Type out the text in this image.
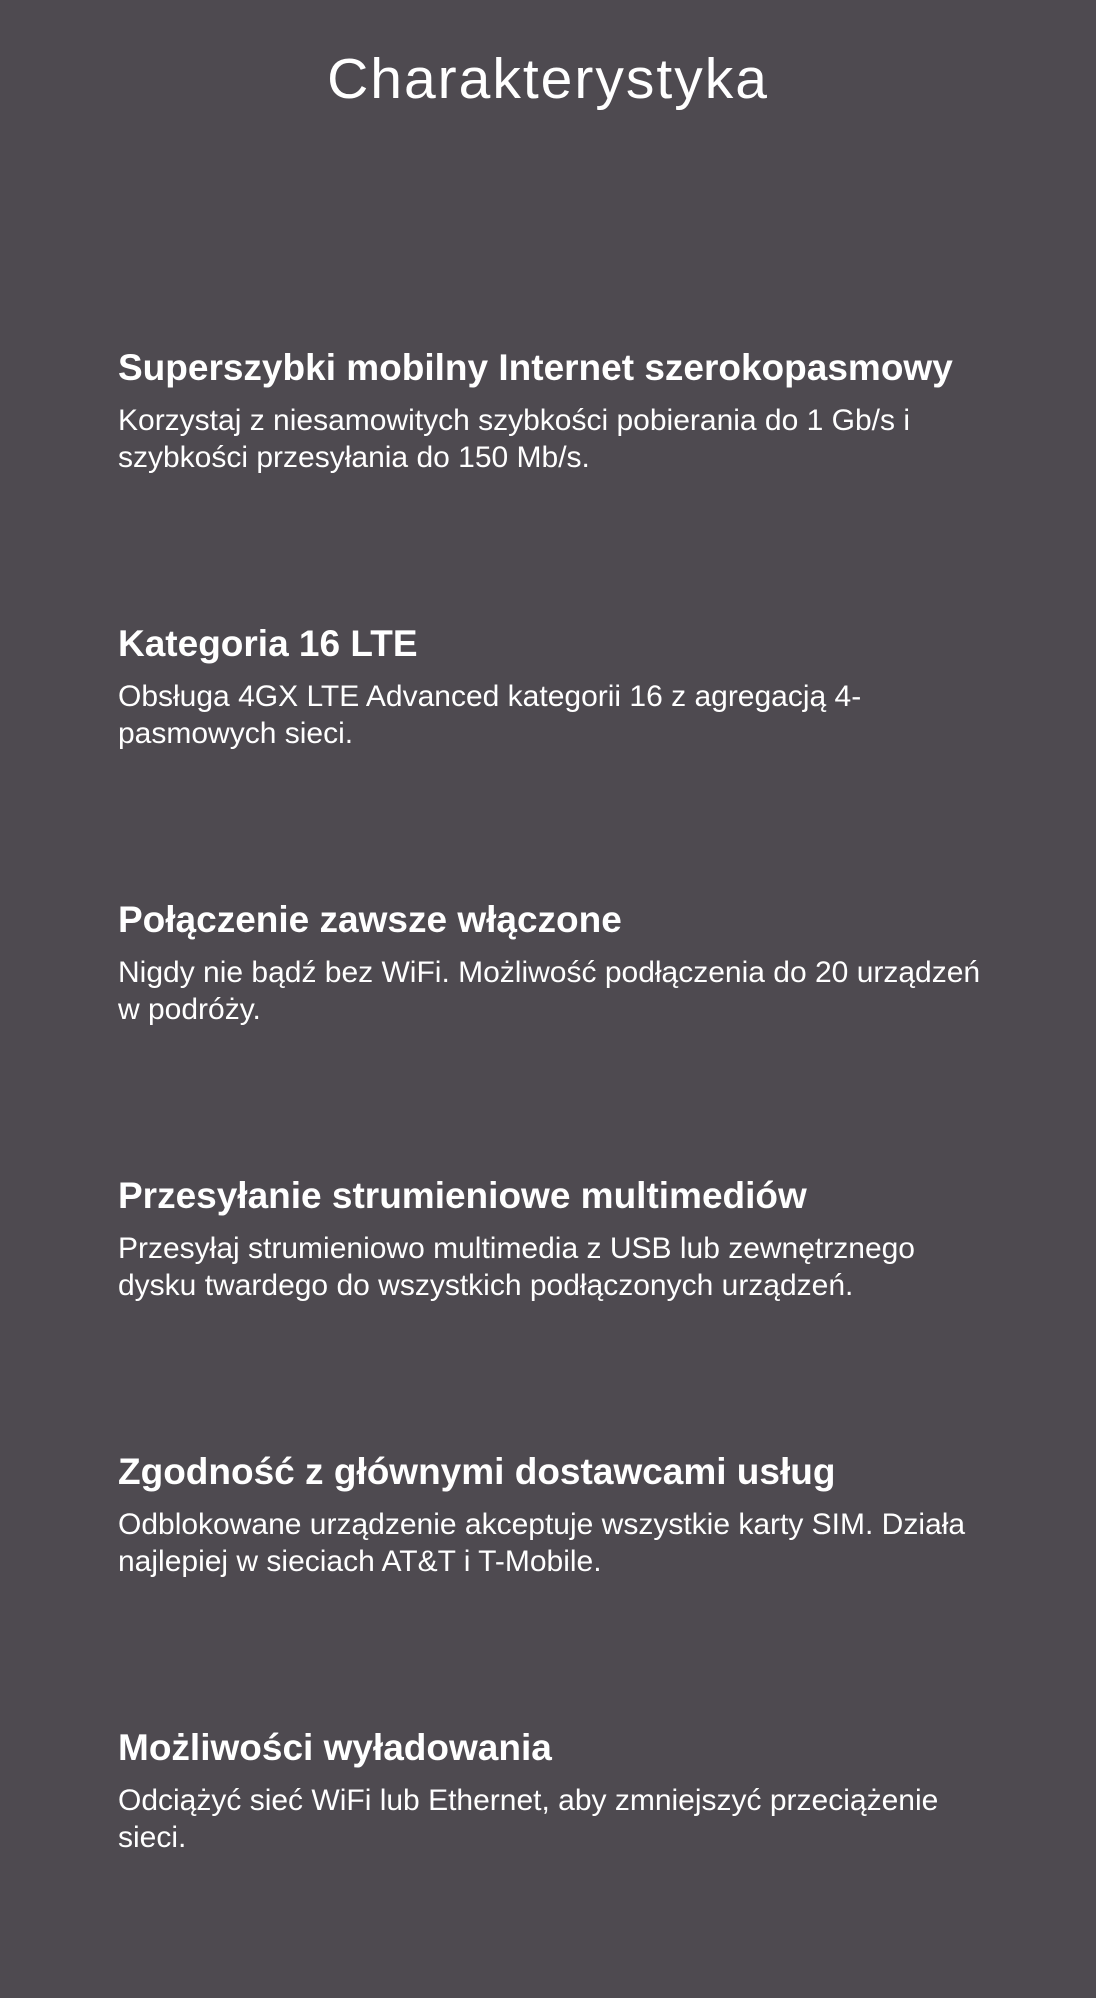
Charakterystyka
Superszybki mobilny Internet szerokopasmowy

Korzystaj z niesamowitych szybkości pobierania do 1 Gb/s i szybkości przesyłania do 150 Mb/s.

Kategoria 16 LTE

Obsługa 4GX LTE Advanced kategorii 16 z agregacją 4-pasmowych sieci.

Połączenie zawsze włączone

Nigdy nie bądź bez WiFi. Możliwość podłączenia do 20 urządzeń w podróży.

Przesyłanie strumieniowe multimediów

Przesyłaj strumieniowo multimedia z USB lub zewnętrznego dysku twardego do wszystkich podłączonych urządzeń.

Zgodność z głównymi dostawcami usług

Odblokowane urządzenie akceptuje wszystkie karty SIM. Działa najlepiej w sieciach AT&T i T-Mobile.

Możliwości wyładowania

Odciążyć sieć WiFi lub Ethernet, aby zmniejszyć przeciążenie sieci.
